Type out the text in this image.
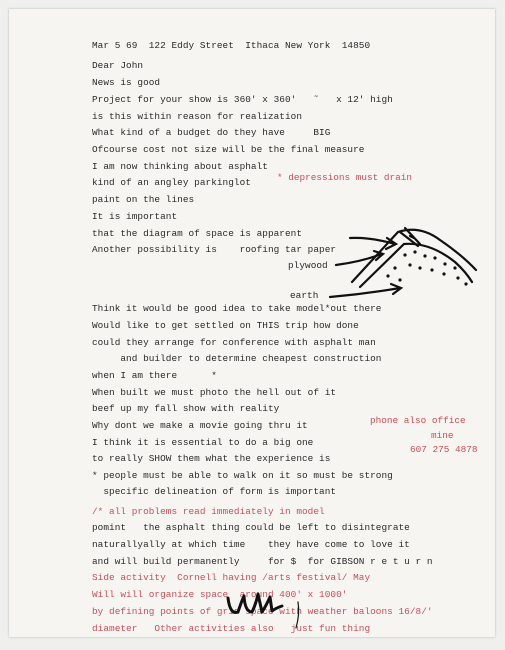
Mar 5 69  122 Eddy Street  Ithaca New York  14850
Dear John
News is good
Project for your show is 360' x 360'   ˜   x 12' high
is this within reason for realization
What kind of a budget do they have     BIG
Ofcourse cost not size will be the final measure
I am now thinking about asphalt
kind of an angley parkinglot
paint on the lines
It is important
that the diagram of space is apparent
Another possibility is    roofing tar paper
Think it would be good idea to take model*out there
Would like to get settled on THIS trip how done
could they arrange for conference with asphalt man
and builder to determine cheapest construction
when I am there      *
When built we must photo the hell out of it
beef up my fall show with reality
Why dont we make a movie going thru it
I think it is essential to do a big one
to really SHOW them what the experience is
* people must be able to walk on it so must be strong
specific delineation of form is important
/* all problems read immediately in model
pomint   the asphalt thing could be left to disintegrate
naturallyally at which time    they have come to love it
and will build permanently     for $  for GIBSON r e t u r n
Side activity  Cornell having /arts festival/ May
Will will organize space  around 400' x 1000'
by defining points of grid space with weather baloons 16/8/'
diameter   Other activities also   just fun thing
* depressions must drain
plywood
earth
phone also office
mine
607 275 4878
